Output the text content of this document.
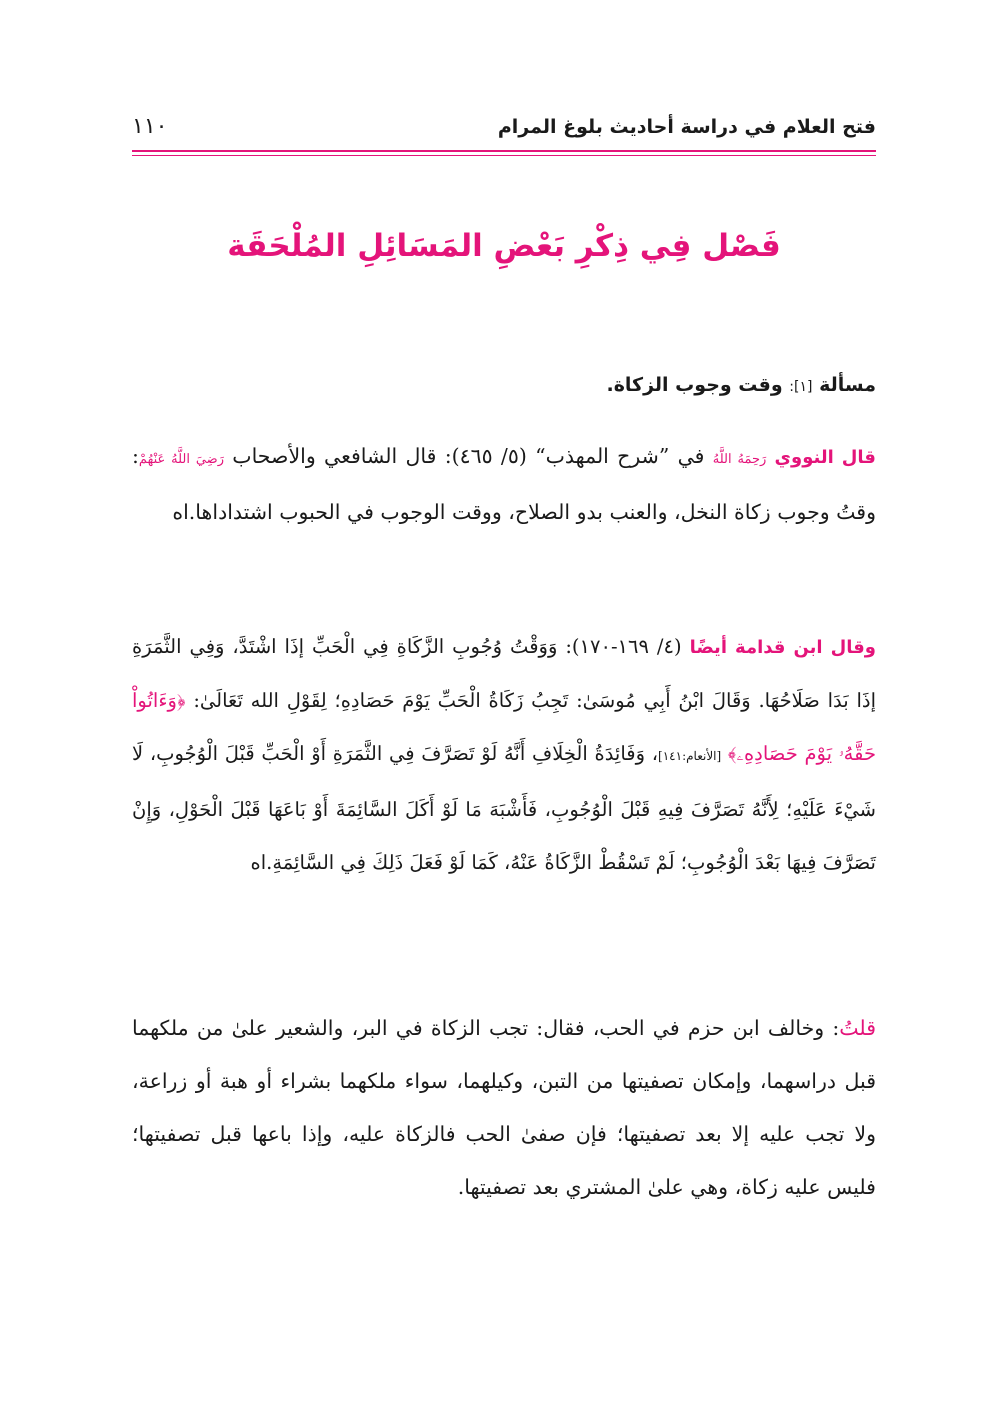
فتح العلام في دراسة أحاديث بلوغ المرام
١١٠
فَصْل فِي ذِكْرِ بَعْضِ المَسَائِلِ المُلْحَقَة
مسألة [١]: وقت وجوب الزكاة.
قال النووي رَحِمَهُ اللَّهُ في ”شرح المهذب“ (٥/ ٤٦٥): قال الشافعي والأصحاب رَضِيَ اللَّهُ عَنْهُمْ: وقتُ وجوب زكاة النخل، والعنب بدو الصلاح، ووقت الوجوب في الحبوب اشتداداها.اه
وقال ابن قدامة أيضًا (٤/ ١٦٩-١٧٠): وَوَقْتُ وُجُوبِ الزَّكَاةِ فِي الْحَبِّ إذَا اشْتَدَّ، وَفِي الثَّمَرَةِ إذَا بَدَا صَلَاحُهَا. وَقَالَ ابْنُ أَبِي مُوسَىٰ: تَجِبُ زَكَاةُ الْحَبِّ يَوْمَ حَصَادِهِ؛ لِقَوْلِ الله تَعَالَىٰ: ﴿وَءَاتُواْ حَقَّهُۥ يَوْمَ حَصَادِهِۦ﴾ [الأنعام:١٤١]، وَفَائِدَةُ الْخِلَافِ أَنَّهُ لَوْ تَصَرَّفَ فِي الثَّمَرَةِ أَوْ الْحَبِّ قَبْلَ الْوُجُوبِ، لَا شَيْءَ عَلَيْهِ؛ لِأَنَّهُ تَصَرَّفَ فِيهِ قَبْلَ الْوُجُوبِ، فَأَشْبَهَ مَا لَوْ أَكَلَ السَّائِمَةَ أَوْ بَاعَهَا قَبْلَ الْحَوْلِ، وَإِنْ تَصَرَّفَ فِيهَا بَعْدَ الْوُجُوبِ؛ لَمْ تَسْقُطْ الزَّكَاةُ عَنْهُ، كَمَا لَوْ فَعَلَ ذَلِكَ فِي السَّائِمَةِ.اه
قلتُ: وخالف ابن حزم في الحب، فقال: تجب الزكاة في البر، والشعير علىٰ من ملكهما قبل دراسهما، وإمكان تصفيتها من التبن، وكيلهما، سواء ملكهما بشراء أو هبة أو زراعة، ولا تجب عليه إلا بعد تصفيتها؛ فإن صفىٰ الحب فالزكاة عليه، وإذا باعها قبل تصفيتها؛ فليس عليه زكاة، وهي علىٰ المشتري بعد تصفيتها.
